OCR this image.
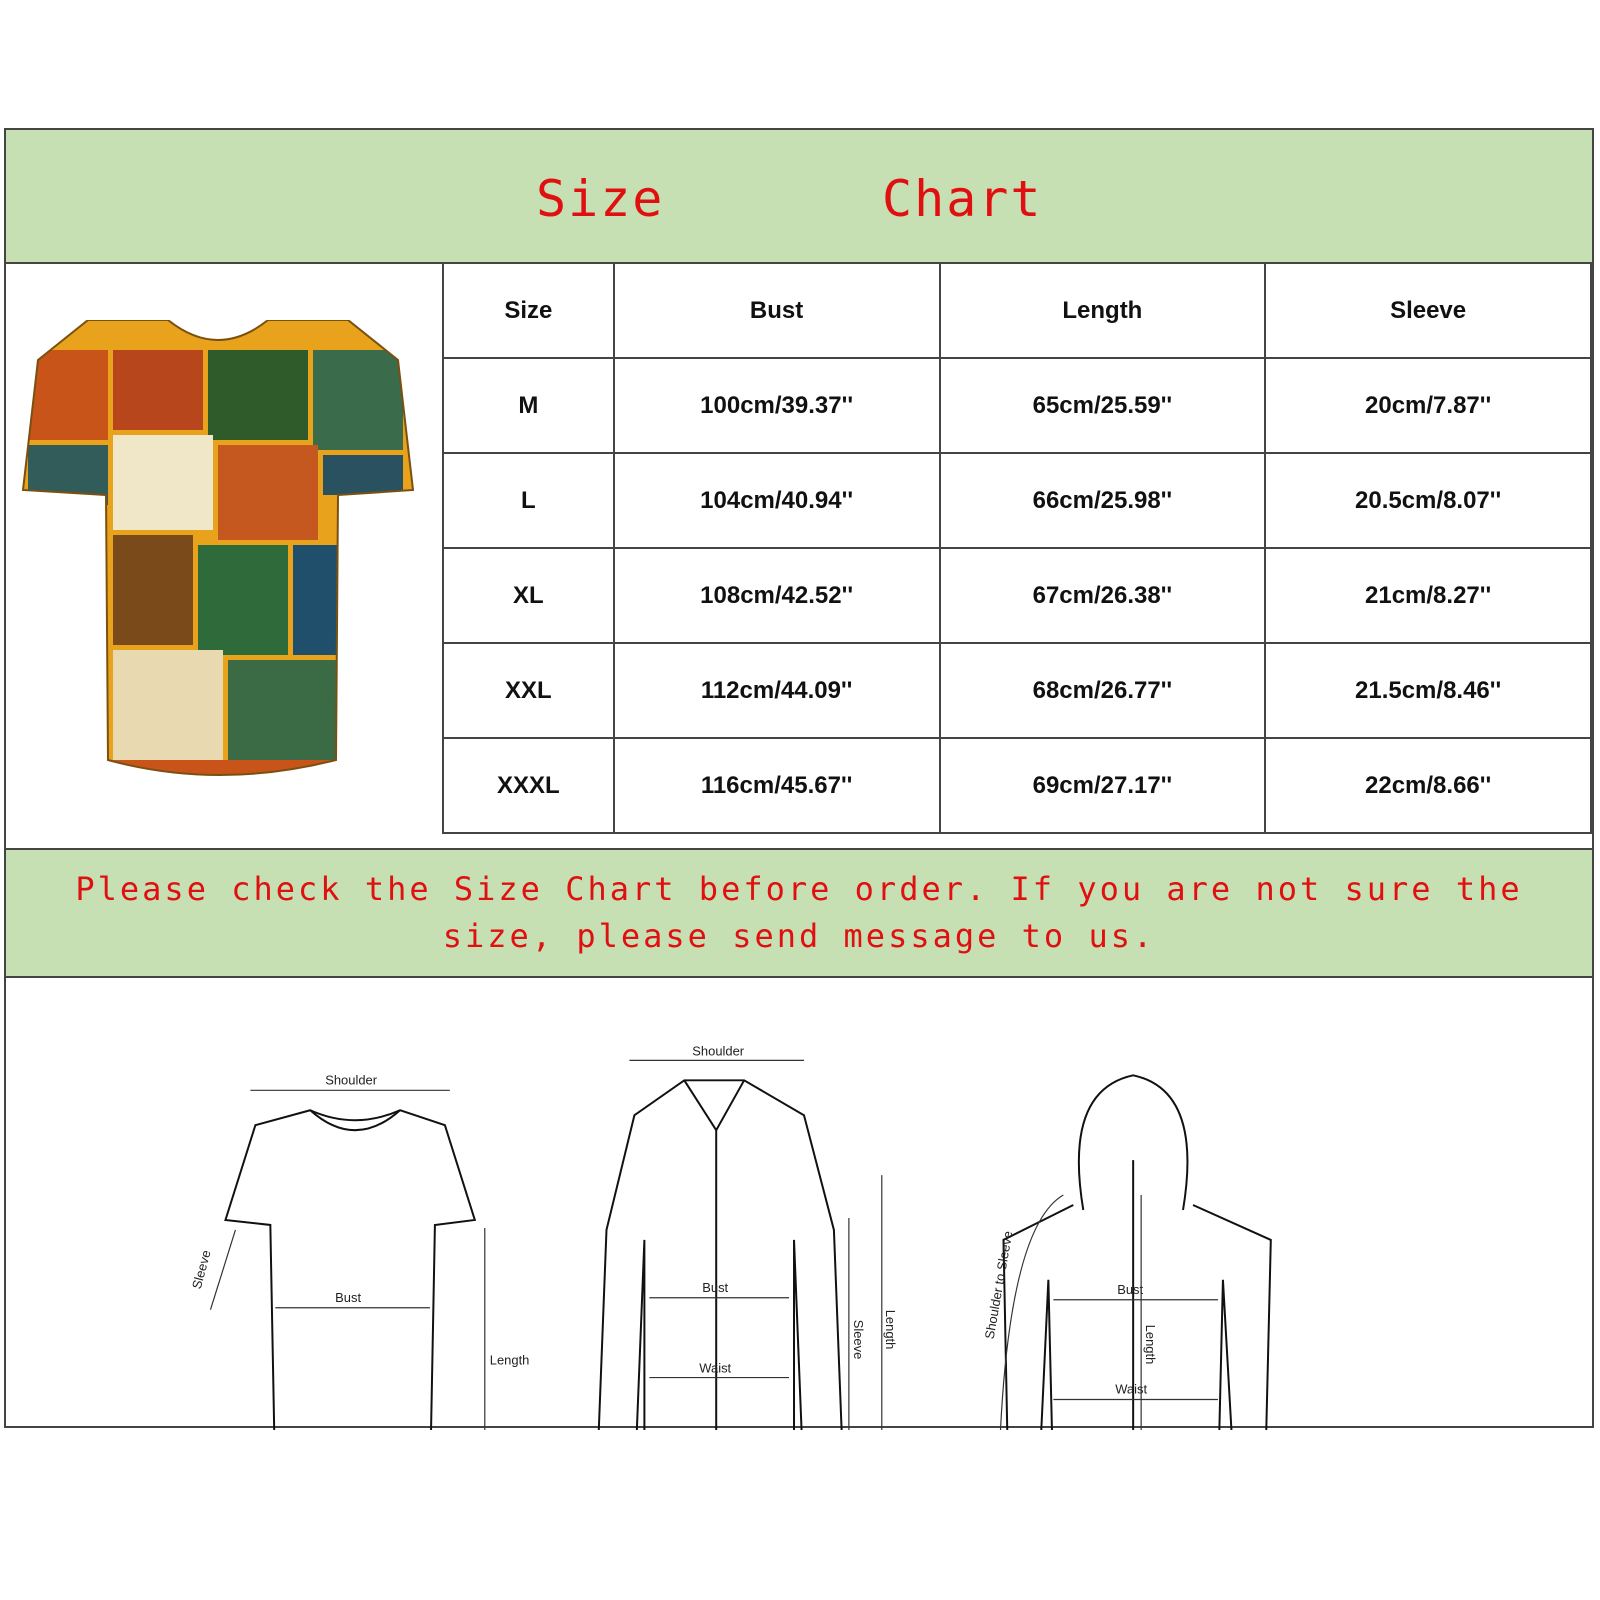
Size	Chart
Size	Bust	Length	Sleeve
M	100cm/39.37''	65cm/25.59''	20cm/7.87''
L	104cm/40.94''	66cm/25.98''	20.5cm/8.07''
XL	108cm/42.52''	67cm/26.38''	21cm/8.27''
XXL	112cm/44.09''	68cm/26.77''	21.5cm/8.46''
XXXL	116cm/45.67''	69cm/27.17''	22cm/8.66''
Please check the Size Chart before order. If you are not sure the size, please send message to us.
Shoulder
Bust
Length
Sleeve
Shoulder
Bust
Waist
Sleeve Length
Bust
Waist
Length
Shoulder to Sleeve
